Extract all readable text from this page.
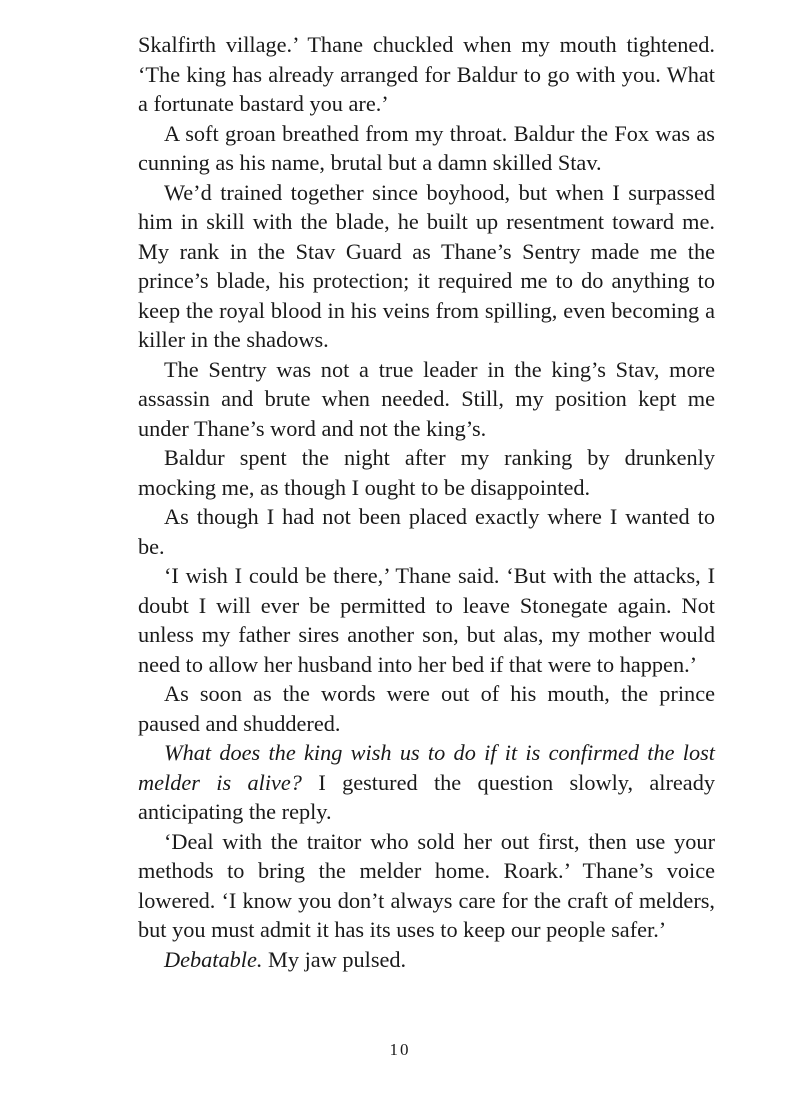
Skalfirth village.’ Thane chuckled when my mouth tightened. ‘The king has already arranged for Baldur to go with you. What a fortunate bastard you are.’

A soft groan breathed from my throat. Baldur the Fox was as cunning as his name, brutal but a damn skilled Stav.

We’d trained together since boyhood, but when I surpassed him in skill with the blade, he built up resentment toward me. My rank in the Stav Guard as Thane’s Sentry made me the prince’s blade, his protection; it required me to do anything to keep the royal blood in his veins from spilling, even becoming a killer in the shadows.

The Sentry was not a true leader in the king’s Stav, more assassin and brute when needed. Still, my position kept me under Thane’s word and not the king’s.

Baldur spent the night after my ranking by drunkenly mocking me, as though I ought to be disappointed.

As though I had not been placed exactly where I wanted to be.

‘I wish I could be there,’ Thane said. ‘But with the attacks, I doubt I will ever be permitted to leave Stonegate again. Not unless my father sires another son, but alas, my mother would need to allow her husband into her bed if that were to happen.’

As soon as the words were out of his mouth, the prince paused and shuddered.

What does the king wish us to do if it is confirmed the lost melder is alive? I gestured the question slowly, already anticipating the reply.

‘Deal with the traitor who sold her out first, then use your methods to bring the melder home. Roark.’ Thane’s voice lowered. ‘I know you don’t always care for the craft of melders, but you must admit it has its uses to keep our people safer.’

Debatable. My jaw pulsed.

10
